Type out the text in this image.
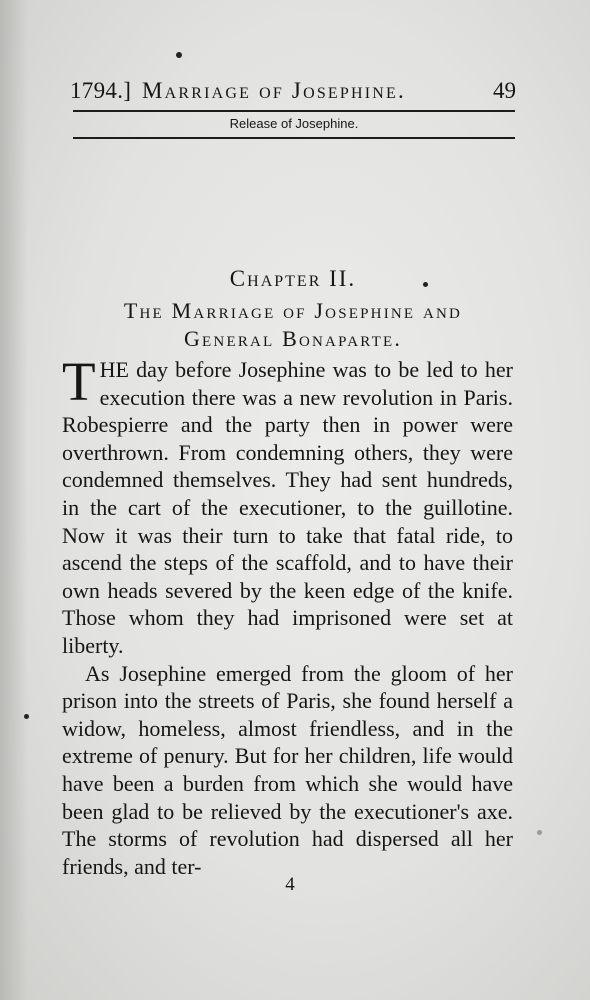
1794.] Marriage of Josephine.	49
Release of Josephine.
Chapter II.
The Marriage of Josephine and
General Bonaparte.

THE day before Josephine was to be led to her execution there was a new revolution in Paris. Robespierre and the party then in power were overthrown. From condemning others, they were condemned themselves. They had sent hundreds, in the cart of the executioner, to the guillotine. Now it was their turn to take that fatal ride, to ascend the steps of the scaffold, and to have their own heads severed by the keen edge of the knife. Those whom they had imprisoned were set at liberty.

As Josephine emerged from the gloom of her prison into the streets of Paris, she found herself a widow, homeless, almost friendless, and in the extreme of penury. But for her children, life would have been a burden from which she would have been glad to be relieved by the executioner's axe. The storms of revolution had dispersed all her friends, and ter-

4
